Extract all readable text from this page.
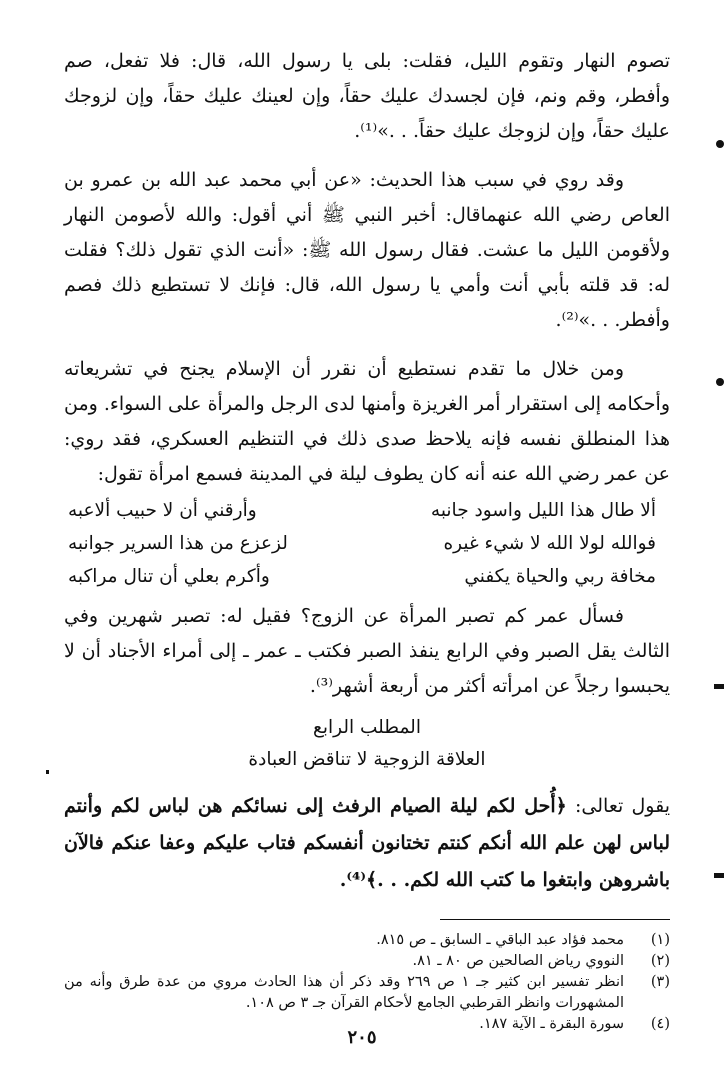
تصوم النهار وتقوم الليل، فقلت: بلى يا رسول الله، قال: فلا تفعل، صم وأفطر، وقم ونم، فإن لجسدك عليك حقاً، وإن لعينك عليك حقاً، وإن لزوجك عليك حقاً، وإن لزوجك عليك حقاً. . .»⁽¹⁾.

وقد روي في سبب هذا الحديث: «عن أبي محمد عبد الله بن عمرو بن العاص رضي الله عنهماقال: أخبر النبي ﷺ أني أقول: والله لأصومن النهار ولأقومن الليل ما عشت. فقال رسول الله ﷺ: «أنت الذي تقول ذلك؟ فقلت له: قد قلته بأبي أنت وأمي يا رسول الله، قال: فإنك لا تستطيع ذلك فصم وأفطر. . .»⁽²⁾.

ومن خلال ما تقدم نستطيع أن نقرر أن الإسلام يجنح في تشريعاته وأحكامه إلى استقرار أمر الغريزة وأمنها لدى الرجل والمرأة على السواء. ومن هذا المنطلق نفسه فإنه يلاحظ صدى ذلك في التنظيم العسكري، فقد روي: عن عمر رضي الله عنه أنه كان يطوف ليلة في المدينة فسمع امرأة تقول:

ألا طال هذا الليل واسود جانبه
وأرقني أن لا حبيب ألاعبه
فوالله لولا الله لا شيء غيره
لزعزع من هذا السرير جوانبه
مخافة ربي والحياة يكفني
وأكرم بعلي أن تنال مراكبه

فسأل عمر كم تصبر المرأة عن الزوج؟ فقيل له: تصبر شهرين وفي الثالث يقل الصبر وفي الرابع ينفذ الصبر فكتب ـ عمر ـ إلى أمراء الأجناد أن لا يحبسوا رجلاً عن امرأته أكثر من أربعة أشهر⁽³⁾.

المطلب الرابع

العلاقة الزوجية لا تناقض العبادة

يقول تعالى: ﴿أُحل لكم ليلة الصيام الرفث إلى نسائكم هن لباس لكم وأنتم لباس لهن علم الله أنكم كنتم تختانون أنفسكم فتاب عليكم وعفا عنكم فالآن باشروهن وابتغوا ما كتب الله لكم. . .﴾⁽⁴⁾.

(١)
محمد فؤاد عبد الباقي ـ السابق ـ ص ٨١٥.
(٢)
النووي رياض الصالحين ص ٨٠ ـ ٨١.
(٣)
انظر تفسير ابن كثير جـ ١ ص ٢٦٩ وقد ذكر أن هذا الحادث مروي من عدة طرق وأنه من المشهورات وانظر القرطبي الجامع لأحكام القرآن جـ ٣ ص ١٠٨.
(٤)
سورة البقرة ـ الآية ١٨٧.
٢٠٥
